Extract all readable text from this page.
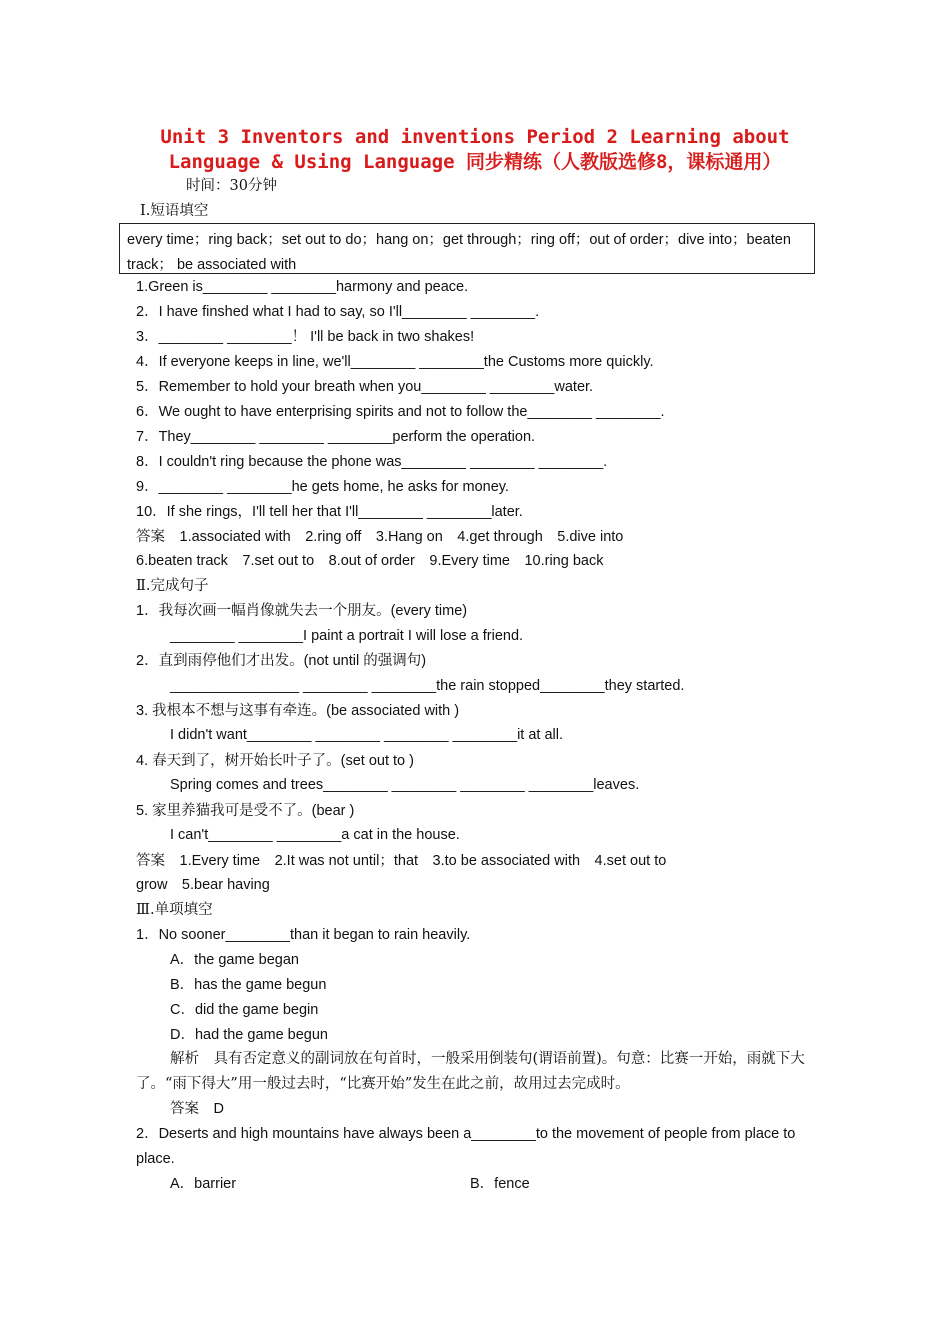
Unit 3 Inventors and inventions Period 2 Learning about
Language & Using Language 同步精练（人教版选修8，课标通用）
时间：30分钟
Ⅰ.短语填空

every time；ring back；set out to do；hang on；get through；ring off；out of order；dive into；beaten track； be associated with

1.Green is________ ________harmony and peace.
2．I have finshed what I had to say, so I'll________ ________.
3．________ ________！ I'll be back in two shakes!
4．If everyone keeps in line, we'll________ ________the Customs more quickly.
5．Remember to hold your breath when you________ ________water.
6．We ought to have enterprising spirits and not to follow the________ ________.
7．They________ ________ ________perform the operation.
8．I couldn't ring because the phone was________ ________ ________.
9．________ ________he gets home, he asks for money.
10．If she rings，I'll tell her that I'll________ ________later.
答案　1.associated with　2.ring off　3.Hang on　4.get through　5.dive into
6.beaten track　7.set out to　8.out of order　9.Every time　10.ring back
Ⅱ.完成句子
1．我每次画一幅肖像就失去一个朋友。(every time)
________ ________I paint a portrait I will lose a friend.
2．直到雨停他们才出发。(not until 的强调句)
________________ ________ ________the rain stopped________they started.
3. 我根本不想与这事有牵连。(be associated with )
I didn't want________ ________ ________ ________it at all.
4. 春天到了，树开始长叶子了。(set out to )
Spring comes and trees________ ________ ________ ________leaves.
5. 家里养猫我可是受不了。(bear )
I can't________ ________a cat in the house.
答案　1.Every time　2.It was not until；that　3.to be associated with　4.set out to
grow　5.bear having
Ⅲ.单项填空
1．No sooner________than it began to rain heavily.
A．the game began
B．has the game begun
C．did the game begin
D．had the game begun
解析　具有否定意义的副词放在句首时，一般采用倒装句(谓语前置)。句意：比赛一开始，雨就下大了。“雨下得大”用一般过去时，“比赛开始”发生在此之前，故用过去完成时。
答案　D
2．Deserts and high mountains have always been a________to the movement of people from place to place.
A．barrier	B．fence
